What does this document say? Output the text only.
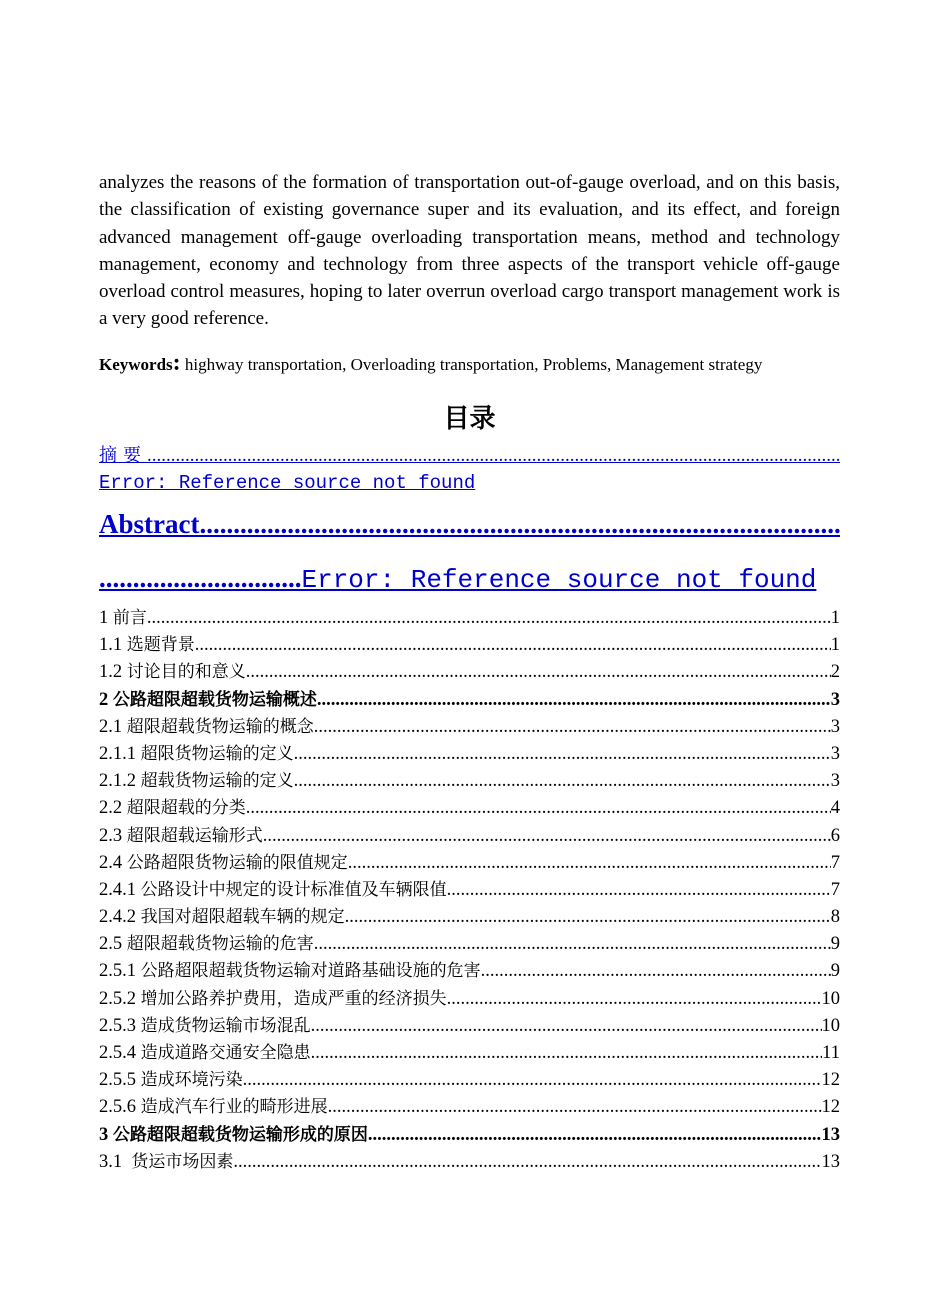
analyzes the reasons of the formation of transportation out-of-gauge overload, and on this basis, the classification of existing governance super and its evaluation, and its effect, and foreign advanced management off-gauge overloading transportation means, method and technology management, economy and technology from three aspects of the transport vehicle off-gauge overload control measures, hoping to later overrun overload cargo transport management work is a very good reference.
Keywords: highway transportation, Overloading transportation, Problems, Management strategy
目录
摘要
.....
Error: Reference source not found
Abstract
.....
..............................Error: Reference source not found
1 前言 .....	1
1.1 选题背景 .....	1
1.2 讨论目的和意义 .....	2
2 公路超限超载货物运输概述 .....	3
2.1 超限超载货物运输的概念 .....	3
2.1.1 超限货物运输的定义 .....	3
2.1.2 超载货物运输的定义 .....	3
2.2 超限超载的分类 .....	4
2.3 超限超载运输形式 .....	6
2.4 公路超限货物运输的限值规定 .....	7
2.4.1 公路设计中规定的设计标准值及车辆限值 .....	7
2.4.2 我国对超限超载车辆的规定 .....	8
2.5 超限超载货物运输的危害 .....	9
2.5.1 公路超限超载货物运输对道路基础设施的危害 .....	9
2.5.2 增加公路养护费用，造成严重的经济损失 .....	10
2.5.3 造成货物运输市场混乱 .....	10
2.5.4 造成道路交通安全隐患 .....	11
2.5.5 造成环境污染 .....	12
2.5.6 造成汽车行业的畸形进展 .....	12
3 公路超限超载货物运输形成的原因 .....	13
3.1 货运市场因素 .....	13
